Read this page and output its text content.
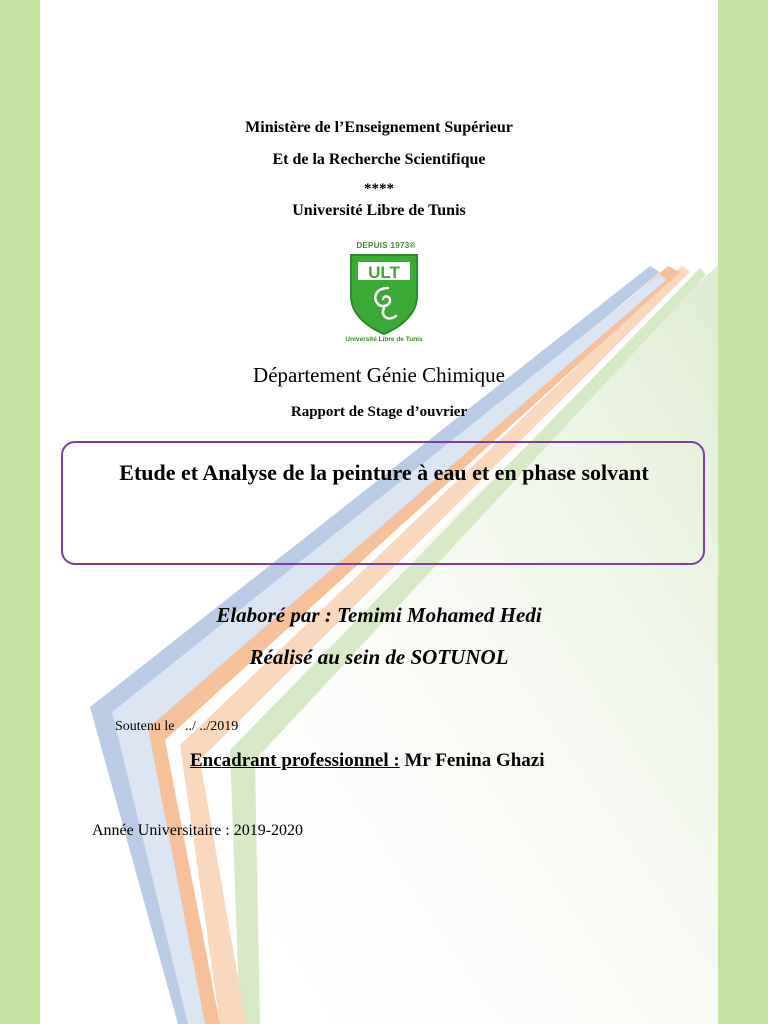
Ministère de l’Enseignement Supérieur
Et de la Recherche Scientifique
****
Université Libre de Tunis
DEPUIS 1973®
ULT
Université Libre de Tunis
Département Génie Chimique
Rapport de Stage d’ouvrier
Etude et Analyse de la peinture à eau et en phase solvant
Elaboré par : Temimi Mohamed Hedi
Réalisé au sein de SOTUNOL
Soutenu le   ../ ../2019
Encadrant professionnel : Mr Fenina Ghazi
Année Universitaire : 2019-2020
